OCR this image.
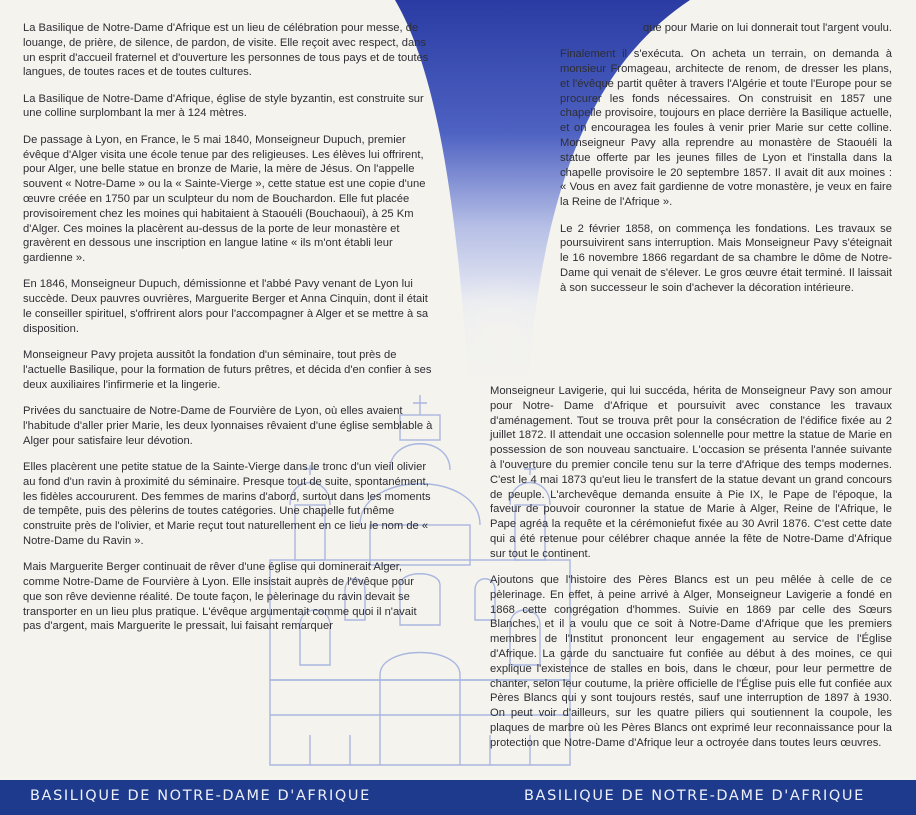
La Basilique de Notre-Dame d'Afrique est un lieu de célébration pour messe, de louange, de prière, de silence, de pardon, de visite. Elle reçoit avec respect, dans un esprit d'accueil fraternel et d'ouverture les personnes de tous pays et de toutes langues, de toutes races et de toutes cultures.

La Basilique de Notre-Dame d'Afrique, église de style byzantin, est construite sur une colline surplombant la mer à 124 mètres.

De passage à Lyon, en France, le 5 mai 1840, Monseigneur Dupuch, premier évêque d'Alger visita une école tenue par des religieuses. Les élèves lui offrirent, pour Alger, une belle statue en bronze de Marie, la mère de Jésus. On l'appelle souvent « Notre-Dame » ou la « Sainte-Vierge », cette statue est une copie d'une œuvre créée en 1750 par un sculpteur du nom de Bouchardon. Elle fut placée provisoirement chez les moines qui habitaient à Staouéli (Bouchaoui), à 25 Km d'Alger. Ces moines la placèrent au-dessus de la porte de leur monastère et gravèrent en dessous une inscription en langue latine « ils m'ont établi leur gardienne ».

En 1846, Monseigneur Dupuch, démissionne et l'abbé Pavy venant de Lyon lui succède. Deux pauvres ouvrières, Marguerite Berger et Anna Cinquin, dont il était le conseiller spirituel, s'offrirent alors pour l'accompagner à Alger et se mettre à sa disposition.

Monseigneur Pavy projeta aussitôt la fondation d'un séminaire, tout près de l'actuelle Basilique, pour la formation de futurs prêtres, et décida d'en confier à ses deux auxiliaires l'infirmerie et la lingerie.

Privées du sanctuaire de Notre-Dame de Fourvière de Lyon, où elles avaient l'habitude d'aller prier Marie, les deux lyonnaises rêvaient d'une église semblable à Alger pour satisfaire leur dévotion.

Elles placèrent une petite statue de la Sainte-Vierge dans le tronc d'un vieil olivier au fond d'un ravin à proximité du séminaire. Presque tout de suite, spontanément, les fidèles accoururent. Des femmes de marins d'abord, surtout dans les moments de tempête, puis des pèlerins de toutes catégories. Une chapelle fut même construite près de l'olivier, et Marie reçut tout naturellement en ce lieu le nom de « Notre-Dame du Ravin ».

Mais Marguerite Berger continuait de rêver d'une église qui dominerait Alger, comme Notre-Dame de Fourvière à Lyon. Elle insistait auprès de l'évêque pour que son rêve devienne réalité. De toute façon, le pèlerinage du ravin devait se transporter en un lieu plus pratique. L'évêque argumentait comme quoi il n'avait pas d'argent, mais Marguerite le pressait, lui faisant remarquer

que pour Marie on lui donnerait tout l'argent voulu.

Finalement il s'exécuta. On acheta un terrain, on demanda à monsieur Fromageau, architecte de renom, de dresser les plans, et l'évêque partit quêter à travers l'Algérie et toute l'Europe pour se procurer les fonds nécessaires. On construisit en 1857 une chapelle provisoire, toujours en place derrière la Basilique actuelle, et on encouragea les foules à venir prier Marie sur cette colline. Monseigneur Pavy alla reprendre au monastère de Staouéli la statue offerte par les jeunes filles de Lyon et l'installa dans la chapelle provisoire le 20 septembre 1857. Il avait dit aux moines : « Vous en avez fait gardienne de votre monastère, je veux en faire la Reine de l'Afrique ».

Le 2 février 1858, on commença les fondations. Les travaux se poursuivirent sans interruption. Mais Monseigneur Pavy s'éteignait le 16 novembre 1866 regardant de sa chambre le dôme de Notre-Dame qui venait de s'élever. Le gros œuvre était terminé. Il laissait à son successeur le soin d'achever la décoration intérieure.

Monseigneur Lavigerie, qui lui succéda, hérita de Monseigneur Pavy son amour pour Notre- Dame d'Afrique et poursuivit avec constance les travaux d'aménagement. Tout se trouva prêt pour la consécration de l'édifice fixée au 2 juillet 1872. Il attendait une occasion solennelle pour mettre la statue de Marie en possession de son nouveau sanctuaire. L'occasion se présenta l'année suivante à l'ouverture du premier concile tenu sur la terre d'Afrique des temps modernes. C'est le 4 mai 1873 qu'eut lieu le transfert de la statue devant un grand concours de peuple. L'archevêque demanda ensuite à Pie IX, le Pape de l'époque, la faveur de pouvoir couronner la statue de Marie à Alger, Reine de l'Afrique, le Pape agréa la requête et la cérémoniefut fixée au 30 Avril 1876. C'est cette date qui a été retenue pour célébrer chaque année la fête de Notre-Dame d'Afrique sur tout le continent.

Ajoutons que l'histoire des Pères Blancs est un peu mêlée à celle de ce pèlerinage. En effet, à peine arrivé à Alger, Monseigneur Lavigerie a fondé en 1868 cette congrégation d'hommes. Suivie en 1869 par celle des Sœurs Blanches, et il a voulu que ce soit à Notre-Dame d'Afrique que les premiers membres de l'Institut prononcent leur engagement au service de l'Église d'Afrique. La garde du sanctuaire fut confiée au début à des moines, ce qui explique l'existence de stalles en bois, dans le chœur, pour leur permettre de chanter, selon leur coutume, la prière officielle de l'Église puis elle fut confiée aux Pères Blancs qui y sont toujours restés, sauf une interruption de 1897 à 1930. On peut voir d'ailleurs, sur les quatre piliers qui soutiennent la coupole, les plaques de marbre où les Pères Blancs ont exprimé leur reconnaissance pour la protection que Notre-Dame d'Afrique leur a octroyée dans toutes leurs œuvres.

BASILIQUE DE NOTRE-DAME D'AFRIQUE	BASILIQUE DE NOTRE-DAME D'AFRIQUE
